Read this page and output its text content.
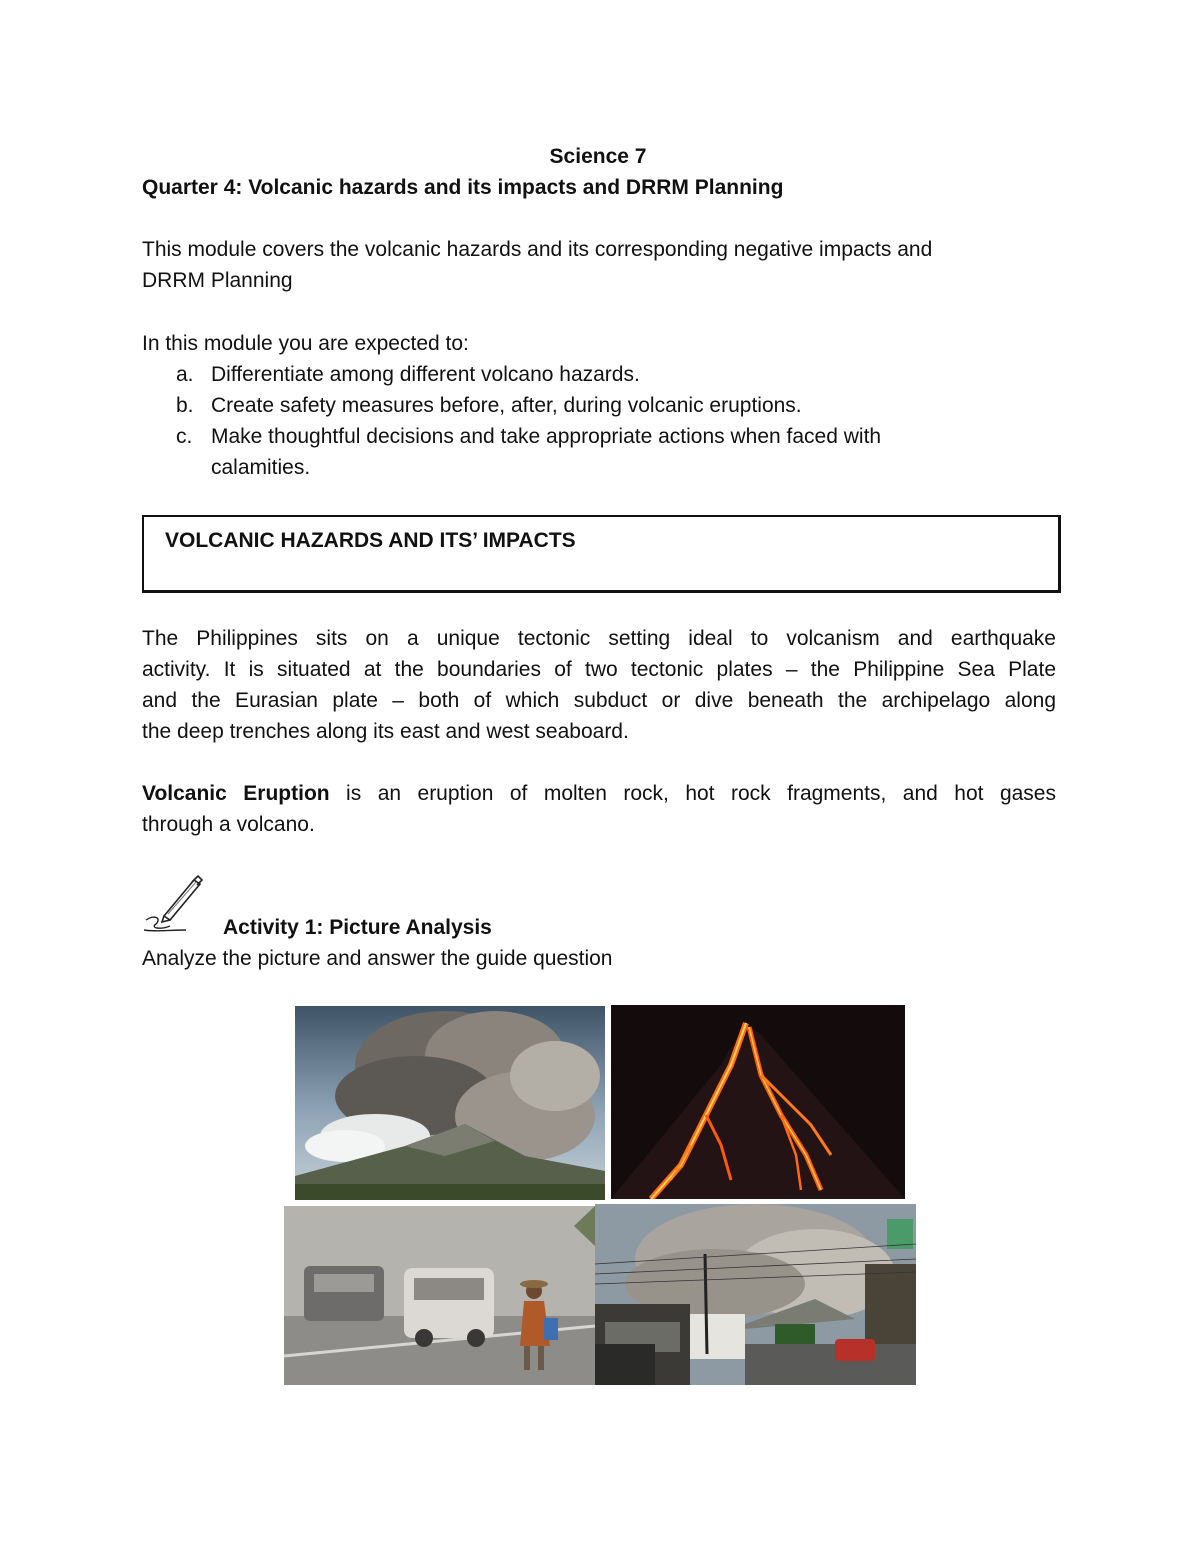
Science 7
Quarter 4: Volcanic hazards and its impacts and DRRM Planning
This module covers the volcanic hazards and its corresponding negative impacts and
DRRM Planning
In this module you are expected to:
a. Differentiate among different volcano hazards.
b. Create safety measures before, after, during volcanic eruptions.
c. Make thoughtful decisions and take appropriate actions when faced with
calamities.
VOLCANIC HAZARDS AND ITS’ IMPACTS
The Philippines sits on a unique tectonic setting ideal to volcanism and earthquake
activity. It is situated at the boundaries of two tectonic plates – the Philippine Sea Plate
and the Eurasian plate – both of which subduct or dive beneath the archipelago along
the deep trenches along its east and west seaboard.
Volcanic Eruption is an eruption of molten rock, hot rock fragments, and hot gases
through a volcano.
Activity 1: Picture Analysis
Analyze the picture and answer the guide question
